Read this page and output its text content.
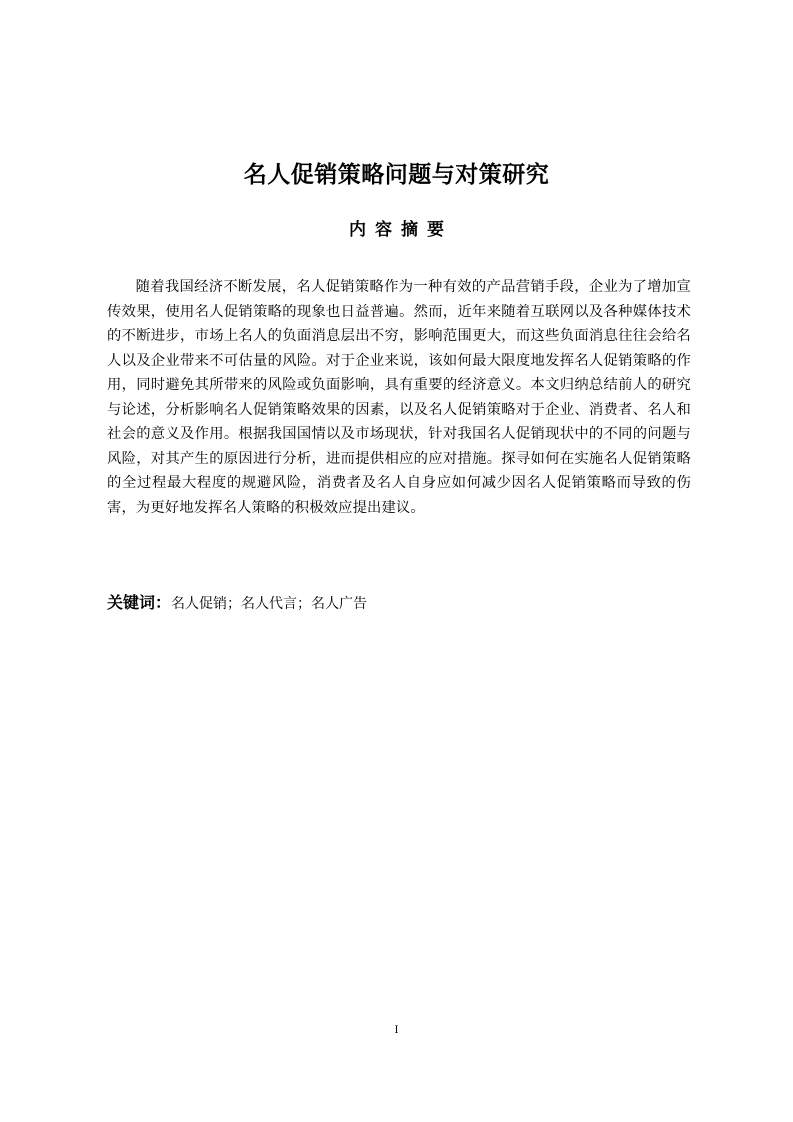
名人促销策略问题与对策研究
内容摘要

随着我国经济不断发展，名人促销策略作为一种有效的产品营销手段，企业为了增加宣传效果，使用名人促销策略的现象也日益普遍。然而，近年来随着互联网以及各种媒体技术的不断进步，市场上名人的负面消息层出不穷，影响范围更大，而这些负面消息往往会给名人以及企业带来不可估量的风险。对于企业来说，该如何最大限度地发挥名人促销策略的作用，同时避免其所带来的风险或负面影响，具有重要的经济意义。本文归纳总结前人的研究与论述，分析影响名人促销策略效果的因素，以及名人促销策略对于企业、消费者、名人和社会的意义及作用。根据我国国情以及市场现状，针对我国名人促销现状中的不同的问题与风险，对其产生的原因进行分析，进而提供相应的应对措施。探寻如何在实施名人促销策略的全过程最大程度的规避风险，消费者及名人自身应如何减少因名人促销策略而导致的伤害，为更好地发挥名人策略的积极效应提出建议。

关键词：名人促销；名人代言；名人广告
I
